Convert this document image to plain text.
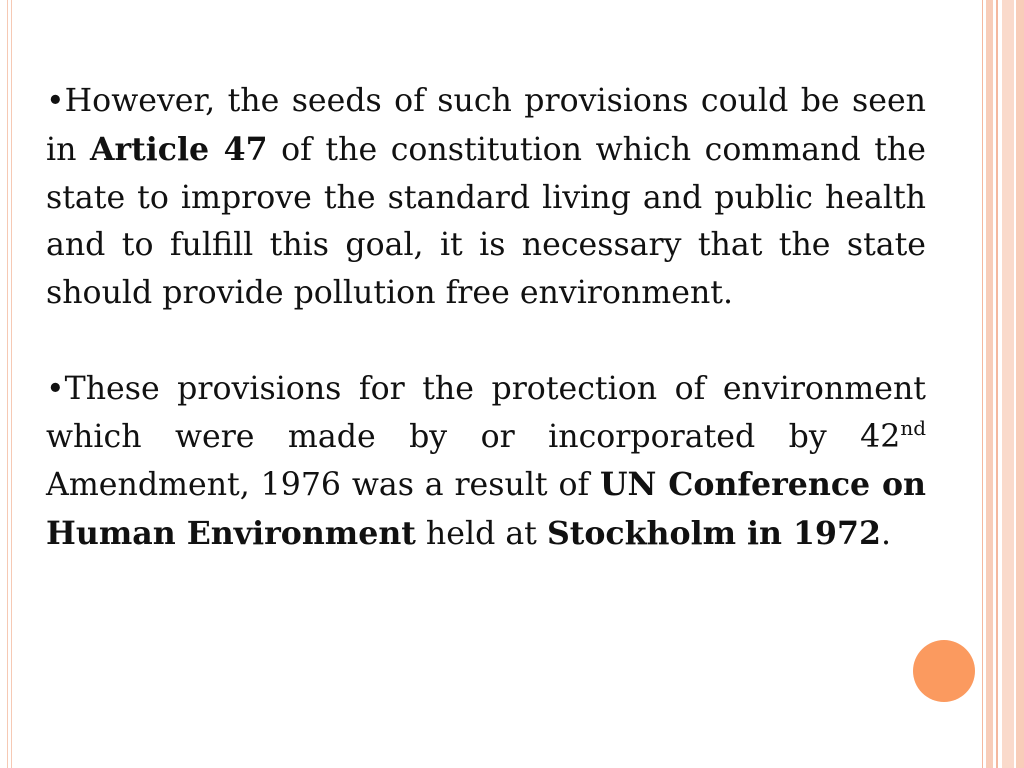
•However, the seeds of such provisions could be seen in Article 47 of the constitution which command the state to improve the standard living and public health and to fulfill this goal, it is necessary that the state should provide pollution free environment.

•These provisions for the protection of environment which were made by or incorporated by 42nd Amendment, 1976 was a result of UN Conference on Human Environment held at Stockholm in 1972.
